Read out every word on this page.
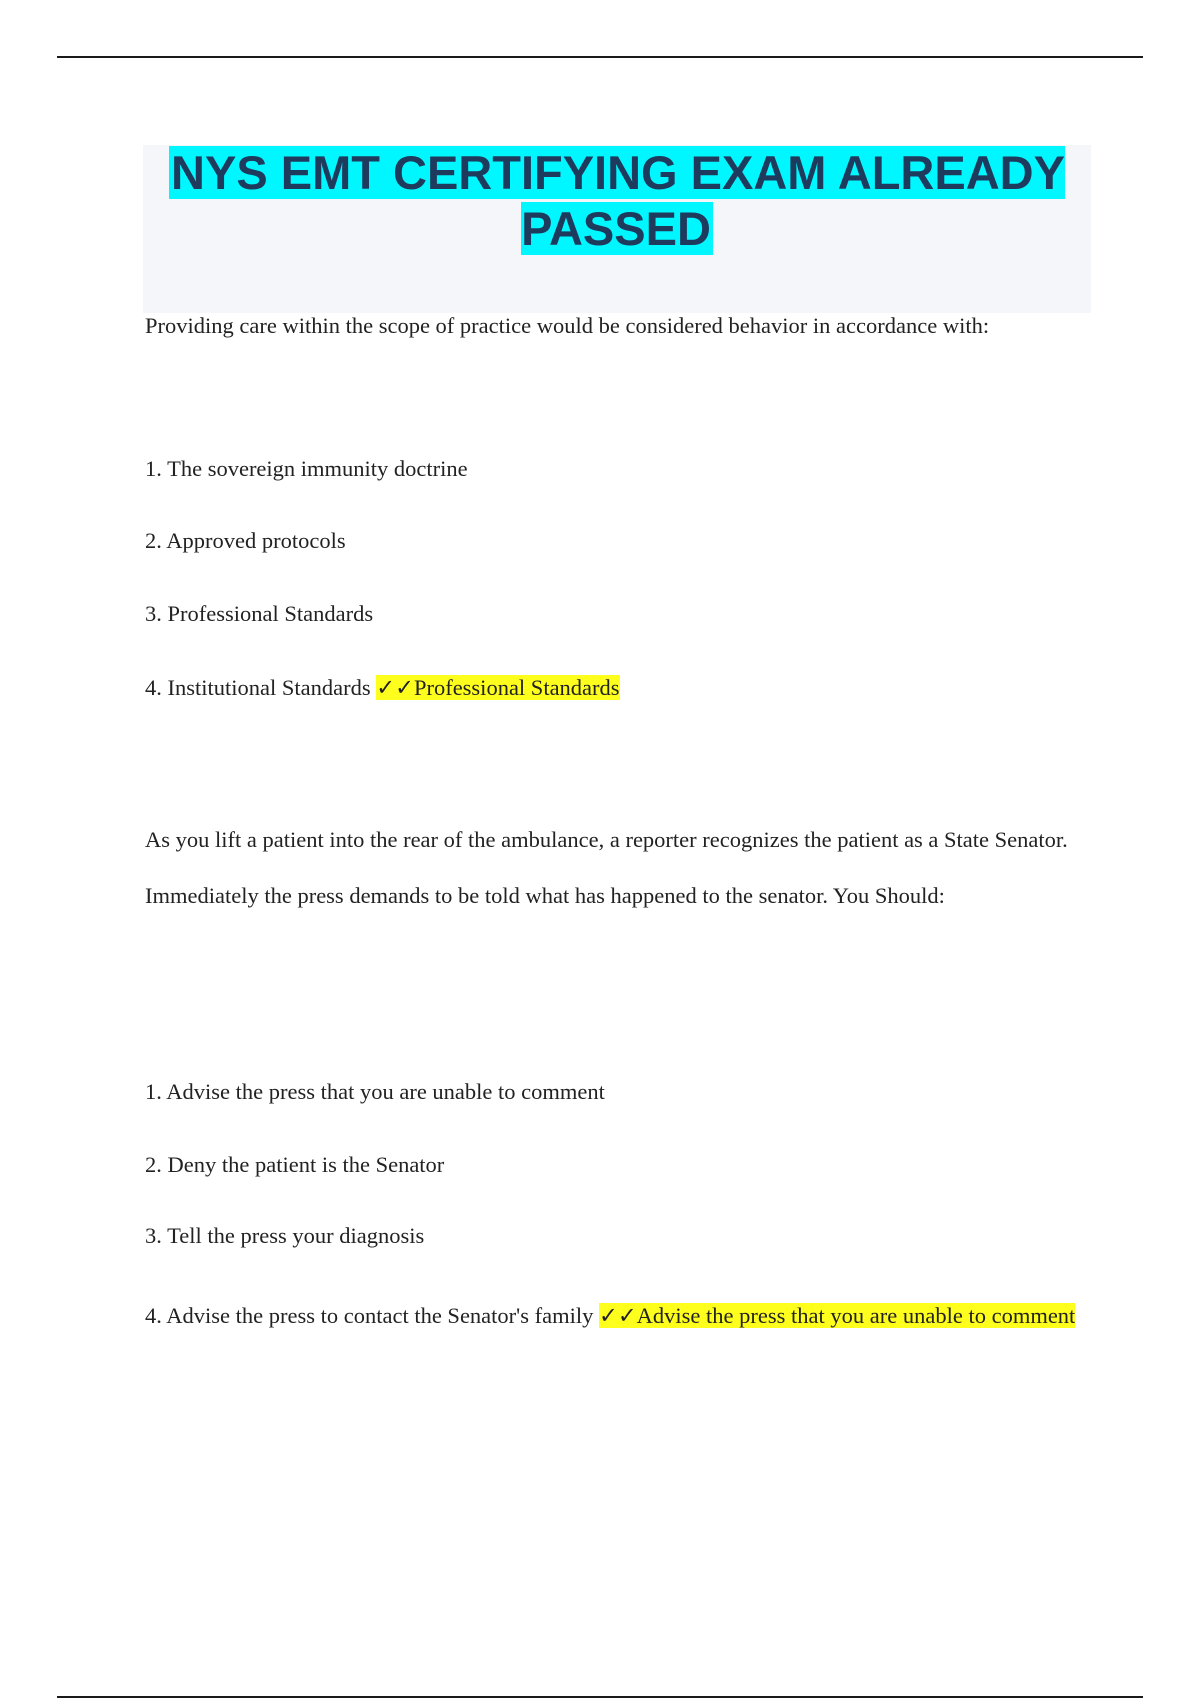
NYS EMT CERTIFYING EXAM ALREADY PASSED
Providing care within the scope of practice would be considered behavior in accordance with:
1. The sovereign immunity doctrine
2. Approved protocols
3. Professional Standards
4. Institutional Standards ✓✓Professional Standards
As you lift a patient into the rear of the ambulance, a reporter recognizes the patient as a State Senator. Immediately the press demands to be told what has happened to the senator. You Should:
1. Advise the press that you are unable to comment
2. Deny the patient is the Senator
3. Tell the press your diagnosis
4. Advise the press to contact the Senator's family ✓✓Advise the press that you are unable to comment
